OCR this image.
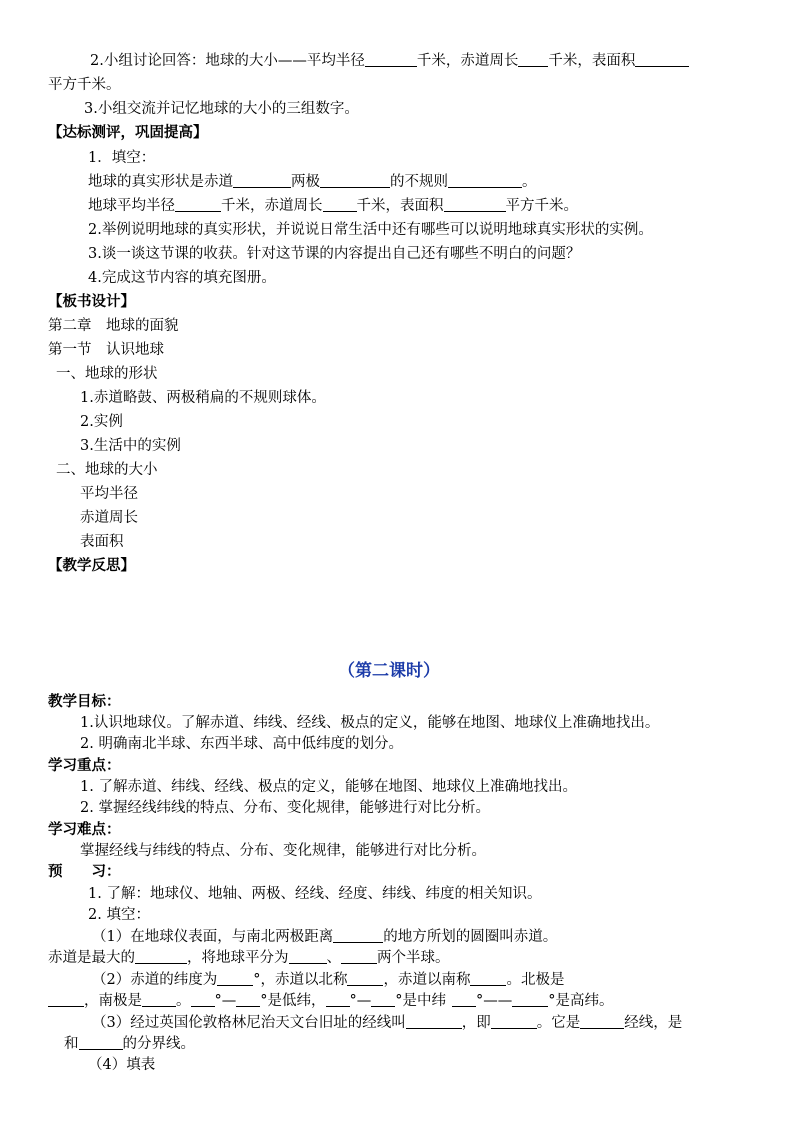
2.小组讨论回答：地球的大小——平均半径	千米，赤道周长 千米，表面积
平方千米。
3.小组交流并记忆地球的大小的三组数字。
【达标测评，巩固提高】
1．填空：
地球的真实形状是赤道	两极	的不规则	。
地球平均半径	千米，赤道周长 千米，表面积	平方千米。
2.举例说明地球的真实形状，并说说日常生活中还有哪些可以说明地球真实形状的实例。
3.谈一谈这节课的收获。针对这节课的内容提出自己还有哪些不明白的问题？
4.完成这节内容的填充图册。
【板书设计】
第二章　地球的面貌
第一节　认识地球
一、地球的形状
1.赤道略鼓、两极稍扁的不规则球体。
2.实例
3.生活中的实例
二、地球的大小
平均半径
赤道周长
表面积
【教学反思】
（第二课时）
教学目标：
1.认识地球仪。了解赤道、纬线、经线、极点的定义，能够在地图、地球仪上准确地找出。
2. 明确南北半球、东西半球、高中低纬度的划分。
学习重点：
1. 了解赤道、纬线、经线、极点的定义，能够在地图、地球仪上准确地找出。
2. 掌握经线纬线的特点、分布、变化规律，能够进行对比分析。
学习难点：
掌握经线与纬线的特点、分布、变化规律，能够进行对比分析。
预　　习：
1. 了解：地球仪、地轴、两极、经线、经度、纬线、纬度的相关知识。
2. 填空：
（1）在地球仪表面，与南北两极距离	的地方所划的圆圈叫赤道。
赤道是最大的	，将地球平分为	、 两个半球。
（2）赤道的纬度为 °，赤道以北称 ，赤道以南称 。北极是
，南极是 。 °— °是低纬， °— °是中纬 °—— °是高纬。
（3）经过英国伦敦格林尼治天文台旧址的经线叫	，即	。它是	经线，是
和	的分界线。
（4）填表
